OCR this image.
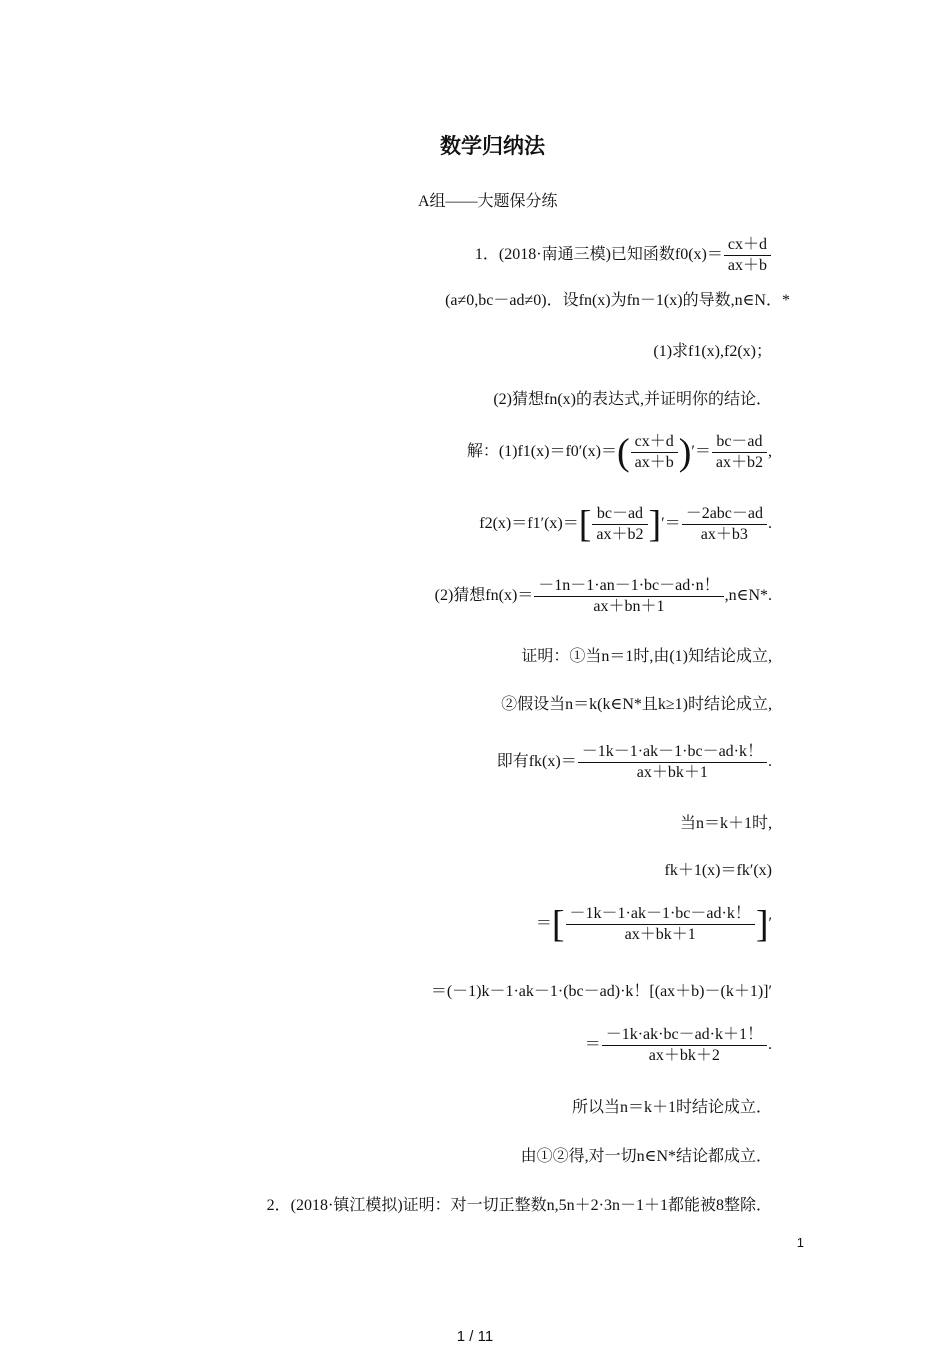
数学归纳法
A组——大题保分练
1．(2018·南通三模)已知函数$f0(x)= \frac{cx+d}{ax+b}$
(a≠0,bc－ad≠0)．设fn(x)为fn－1(x)的导数,n∈N．*
(1)求f1(x),f2(x)；
(2)猜想fn(x)的表达式,并证明你的结论．
解：$(1)f1(x)=f0'(x)=( \frac{cx+d}{ax+b}$ )′＝ $\frac{bc-ad}{ax+b2}$ ,
$f2(x)=f1'(x)=[ \frac{bc-ad}{ax+b2}$ ]′＝ $\frac{\text{－2abc－ad}}{ax+b3}$ .
(2)猜想$fn(x)= \frac{-1n-1\cdot an-1\cdot bc-ad\cdot n!}{ax+bn+1}$ ,n∈N*.
证明：①当n＝1时,由(1)知结论成立,
②假设当n＝k(k∈N*且k≥1)时结论成立,
即有$fk(x)= \frac{-1k-1\cdot ak-1\cdot bc-ad\cdot k!}{ax+bk+1}$ .
当n＝k＋1时,
fk＋1(x)＝fk′(x)
＝[ $\frac{-1k-1\cdot ak-1\cdot bc-ad\cdot k!}{ax+bk+1}$ ]′
＝(－1)k－1·ak－1·(bc－ad)·k！[(ax＋b)－(k＋1)]′
＝ $\frac{-1k\cdot ak\cdot bc-ad\cdot k+1!}{ax+bk+2}$ .
所以当n＝k＋1时结论成立．
由①②得,对一切n∈N*结论都成立．
2．(2018·镇江模拟)证明：对一切正整数n,5n＋2·3n－1＋1都能被8整除．
1
1 / 11
